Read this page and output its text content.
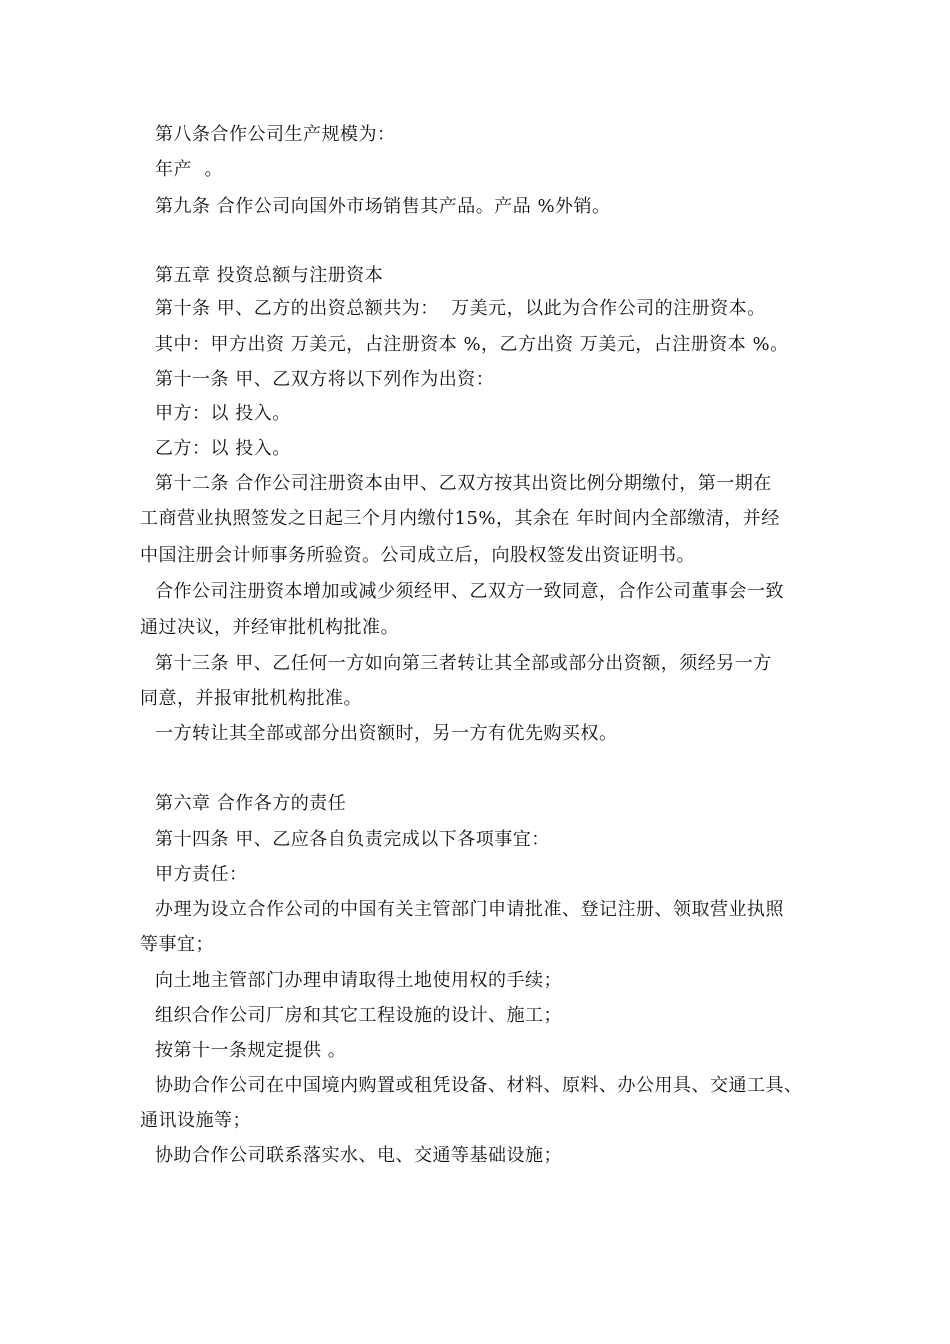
第八条合作公司生产规模为：
年产  。
第九条 合作公司向国外市场销售其产品。产品 %外销。
第五章 投资总额与注册资本
第十条 甲、乙方的出资总额共为：  万美元，以此为合作公司的注册资本。
其中：甲方出资 万美元，占注册资本 %，乙方出资 万美元，占注册资本 %。
第十一条 甲、乙双方将以下列作为出资：
甲方：以 投入。
乙方：以 投入。
第十二条 合作公司注册资本由甲、乙双方按其出资比例分期缴付，第一期在
工商营业执照签发之日起三个月内缴付15%，其余在 年时间内全部缴清，并经
中国注册会计师事务所验资。公司成立后，向股权签发出资证明书。
合作公司注册资本增加或减少须经甲、乙双方一致同意，合作公司董事会一致
通过决议，并经审批机构批准。
第十三条 甲、乙任何一方如向第三者转让其全部或部分出资额，须经另一方
同意，并报审批机构批准。
一方转让其全部或部分出资额时，另一方有优先购买权。
第六章 合作各方的责任
第十四条 甲、乙应各自负责完成以下各项事宜：
甲方责任：
办理为设立合作公司的中国有关主管部门申请批准、登记注册、领取营业执照
等事宜；
向土地主管部门办理申请取得土地使用权的手续；
组织合作公司厂房和其它工程设施的设计、施工；
按第十一条规定提供 。
协助合作公司在中国境内购置或租凭设备、材料、原料、办公用具、交通工具、
通讯设施等；
协助合作公司联系落实水、电、交通等基础设施；
